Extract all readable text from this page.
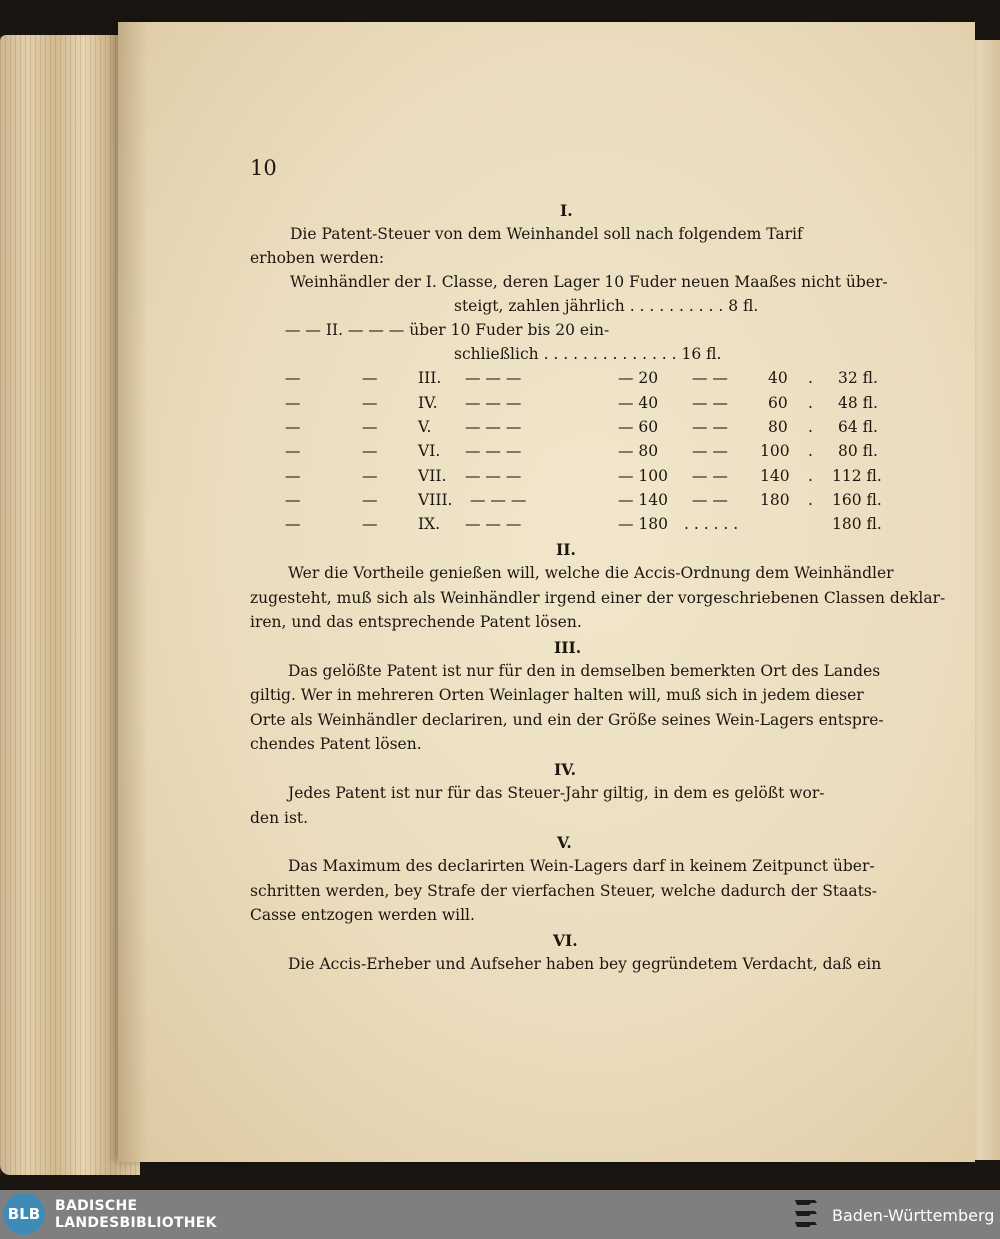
10
I.
Die Patent-Steuer von dem Weinhandel soll nach folgendem Tarif
erhoben werden:
Weinhändler der I. Classe, deren Lager 10 Fuder neuen Maaßes nicht über-
steigt, zahlen jährlich . . . . . . . . . . 8 fl.
— — II. — — — über 10 Fuder bis 20 ein-
schließlich . . . . . . . . . . . . . . 16 fl.
—	—	III. — — —	— 20 — —	40 . 32 fl.
—	—	IV. — — —	— 40 — —	60 . 48 fl.
—	—	V. — — —	— 60 — —	80 . 64 fl.
—	—	VI. — — —	— 80 — — 100 . 80 fl.
—	—	VII. — — —	— 100 — — 140 . 112 fl.
—	—	VIII. — — —	— 140 — — 180 . 160 fl.
—	—	IX. — — —	— 180 . . . . . .	180 fl.
II.
Wer die Vortheile genießen will, welche die Accis-Ordnung dem Weinhändler
zugesteht, muß sich als Weinhändler irgend einer der vorgeschriebenen Classen deklar-
iren, und das entsprechende Patent lösen.
III.
Das gelößte Patent ist nur für den in demselben bemerkten Ort des Landes
giltig. Wer in mehreren Orten Weinlager halten will, muß sich in jedem dieser
Orte als Weinhändler declariren, und ein der Größe seines Wein-Lagers entspre-
chendes Patent lösen.
IV.
Jedes Patent ist nur für das Steuer-Jahr giltig, in dem es gelößt wor-
den ist.
V.
Das Maximum des declarirten Wein-Lagers darf in keinem Zeitpunct über-
schritten werden, bey Strafe der vierfachen Steuer, welche dadurch der Staats-
Casse entzogen werden will.
VI.
Die Accis-Erheber und Aufseher haben bey gegründetem Verdacht, daß ein
BLB	BADISCHE
LANDESBIBLIOTHEK	Baden-Württemberg
